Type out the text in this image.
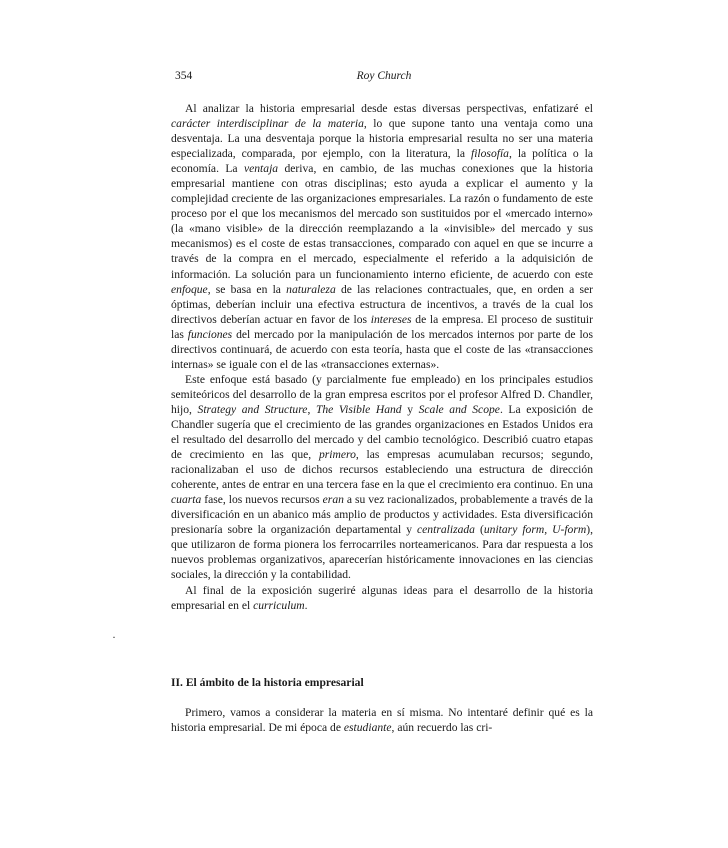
354	Roy Church

Al analizar la historia empresarial desde estas diversas perspectivas, enfatizaré el carácter interdisciplinar de la materia, lo que supone tanto una ventaja como una desventaja. La una desventaja porque la historia empresarial resulta no ser una materia especializada, comparada, por ejemplo, con la literatura, la filosofía, la política o la economía. La ventaja deriva, en cambio, de las muchas conexiones que la historia empresarial mantiene con otras disciplinas; esto ayuda a explicar el aumento y la complejidad creciente de las organizaciones empresariales. La razón o fundamento de este proceso por el que los mecanismos del mercado son sustituidos por el «mercado interno» (la «mano visible» de la dirección reemplazando a la «invisible» del mercado y sus mecanismos) es el coste de estas transacciones, comparado con aquel en que se incurre a través de la compra en el mercado, especialmente el referido a la adquisición de información. La solución para un funcionamiento interno eficiente, de acuerdo con este enfoque, se basa en la naturaleza de las relaciones contractuales, que, en orden a ser óptimas, deberían incluir una efectiva estructura de incentivos, a través de la cual los directivos deberían actuar en favor de los intereses de la empresa. El proceso de sustituir las funciones del mercado por la manipulación de los mercados internos por parte de los directivos continuará, de acuerdo con esta teoría, hasta que el coste de las «transacciones internas» se iguale con el de las «transacciones externas».

Este enfoque está basado (y parcialmente fue empleado) en los principales estudios semiteóricos del desarrollo de la gran empresa escritos por el profesor Alfred D. Chandler, hijo, Strategy and Structure, The Visible Hand y Scale and Scope. La exposición de Chandler sugería que el crecimiento de las grandes organizaciones en Estados Unidos era el resultado del desarrollo del mercado y del cambio tecnológico. Describió cuatro etapas de crecimiento en las que, primero, las empresas acumulaban recursos; segundo, racionalizaban el uso de dichos recursos estableciendo una estructura de dirección coherente, antes de entrar en una tercera fase en la que el crecimiento era continuo. En una cuarta fase, los nuevos recursos eran a su vez racionalizados, probablemente a través de la diversificación en un abanico más amplio de productos y actividades. Esta diversificación presionaría sobre la organización departamental y centralizada (unitary form, U-form), que utilizaron de forma pionera los ferrocarriles norteamericanos. Para dar respuesta a los nuevos problemas organizativos, aparecerían históricamente innovaciones en las ciencias sociales, la dirección y la contabilidad.

Al final de la exposición sugeriré algunas ideas para el desarrollo de la historia empresarial en el curriculum.

·
II. El ámbito de la historia empresarial

Primero, vamos a considerar la materia en sí misma. No intentaré definir qué es la historia empresarial. De mi época de estudiante, aún recuerdo las cri-
